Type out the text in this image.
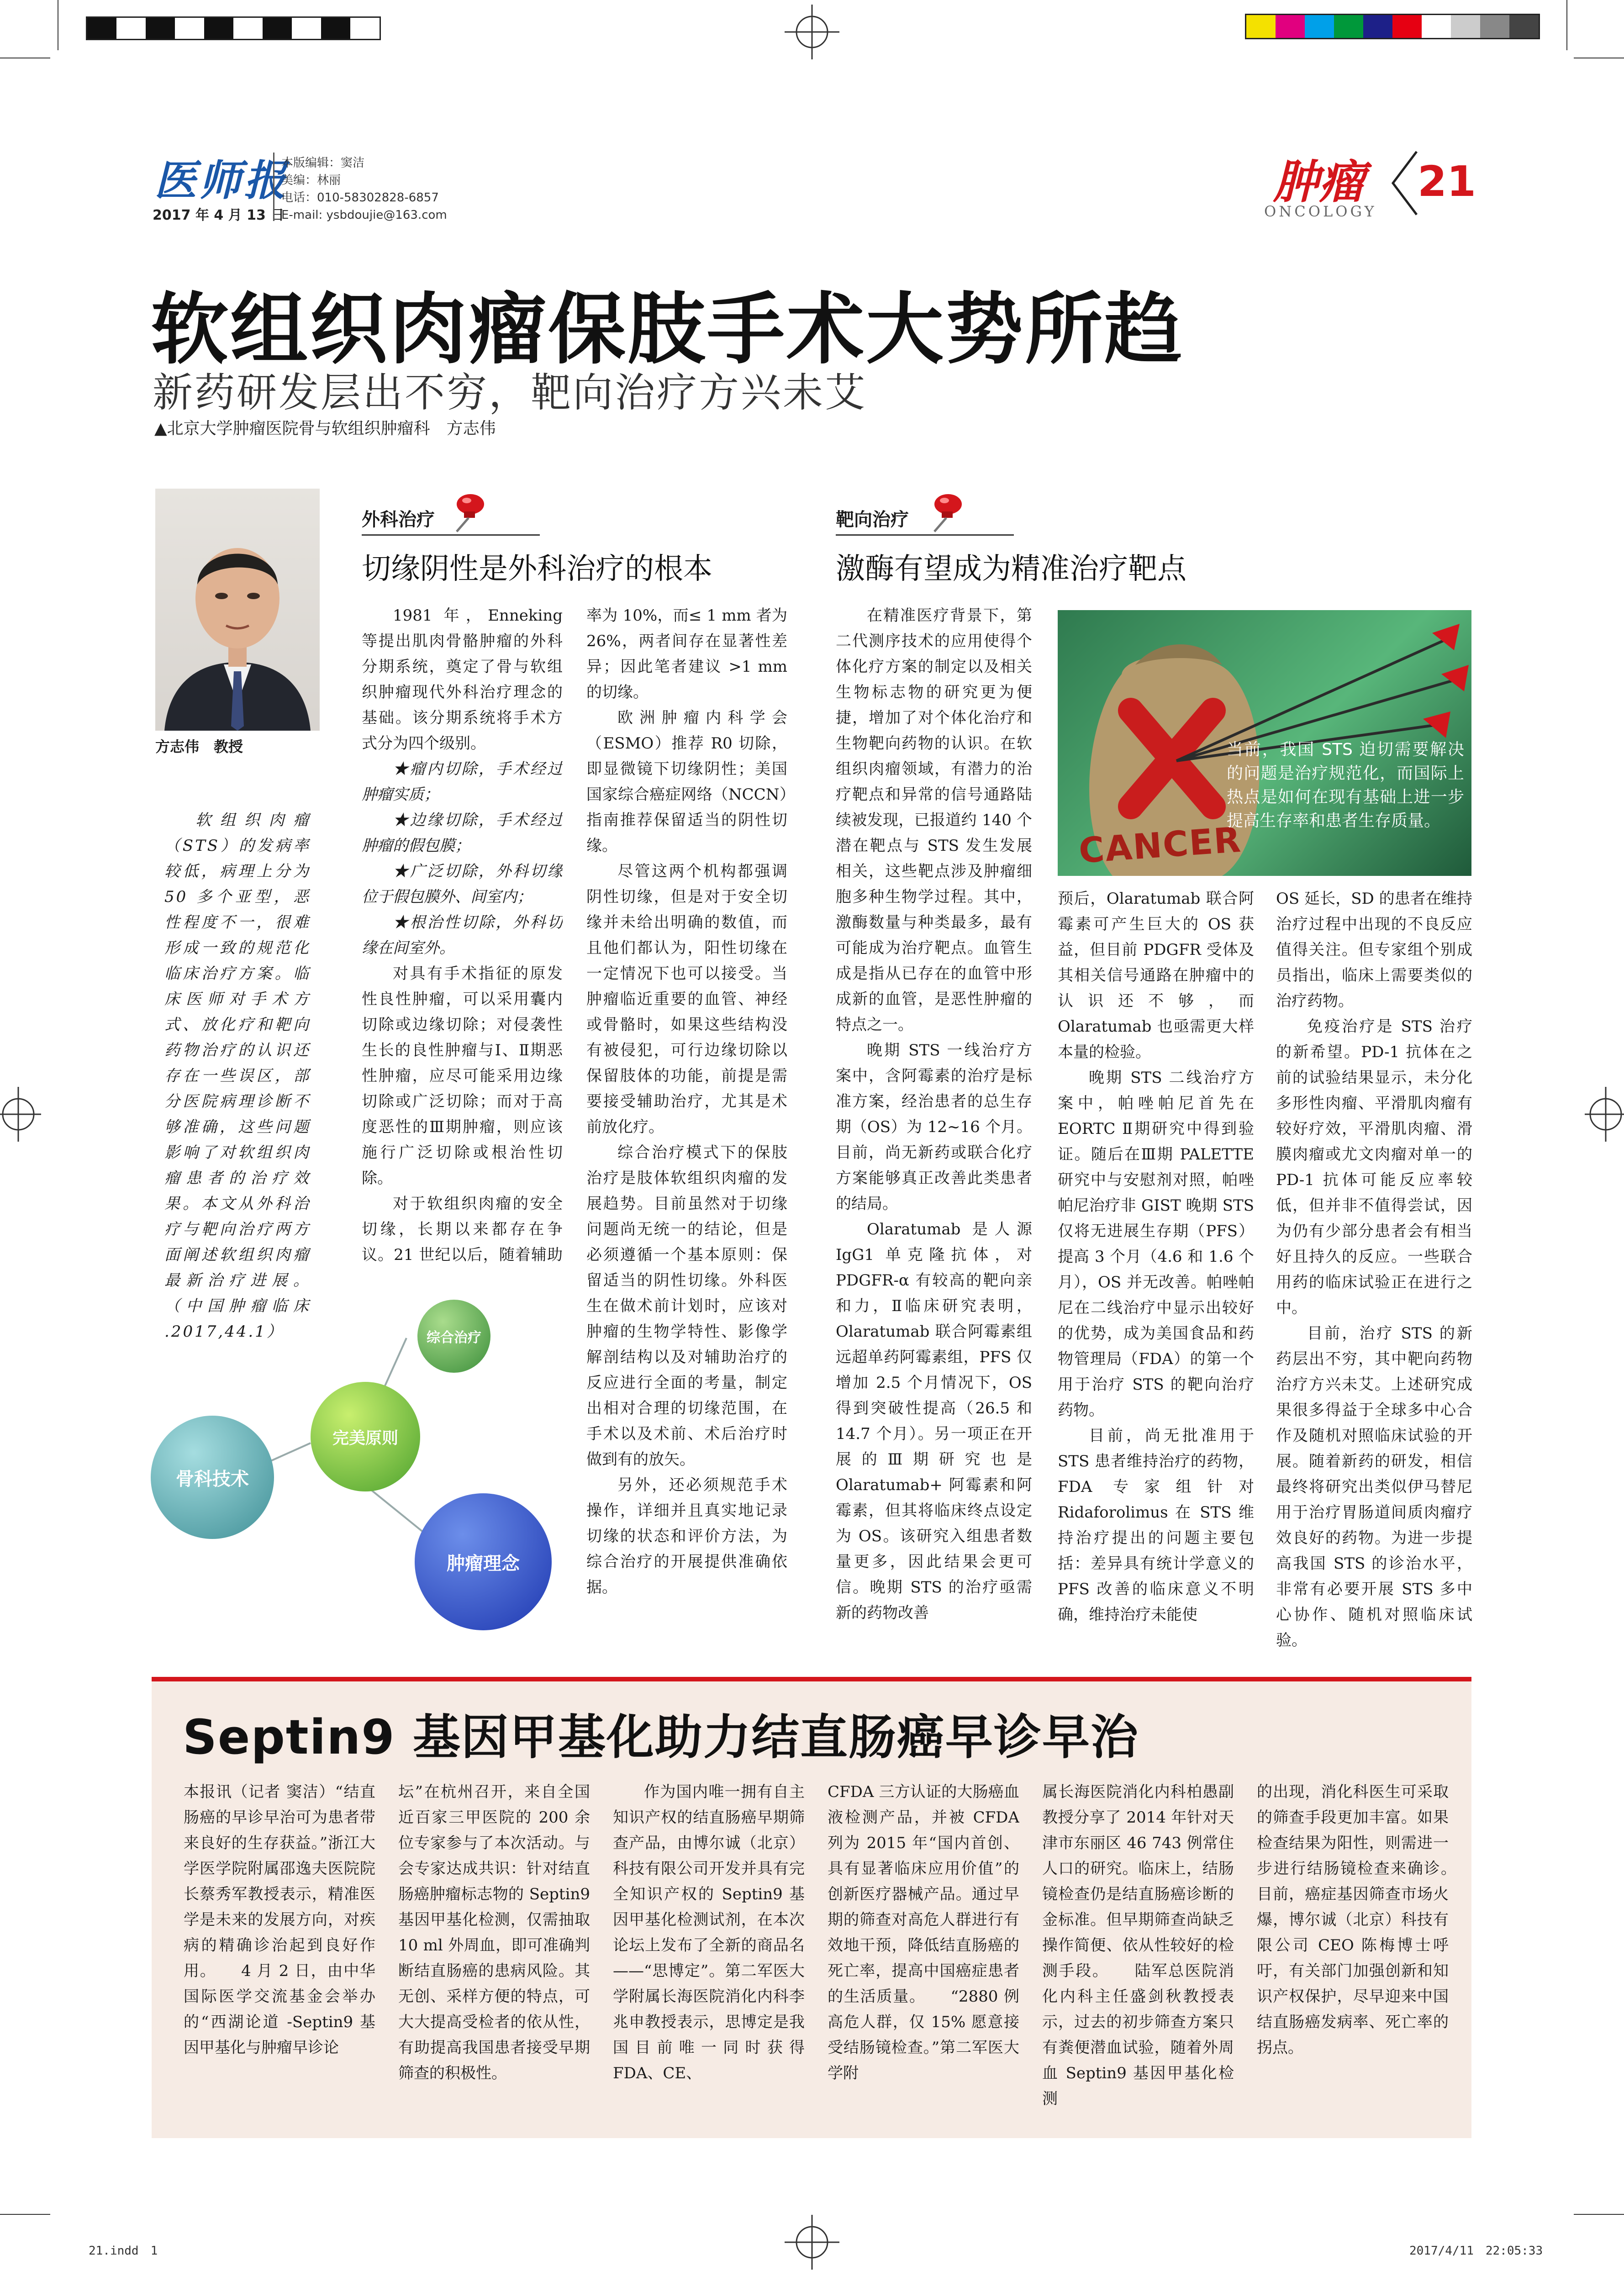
医师报
2017 年 4 月 13 日
本版编辑：窦洁
美编：林丽
电话：010-58302828-6857
E-mail: ysbdoujie@163.com
肿瘤
ONCOLOGY
21
软组织肉瘤保肢手术大势所趋
新药研发层出不穷，靶向治疗方兴未艾
▲北京大学肿瘤医院骨与软组织肿瘤科　方志伟
方志伟　教授

软组织肉瘤（STS）的发病率较低，病理上分为 50 多个亚型，恶性程度不一，很难形成一致的规范化临床治疗方案。临床医师对手术方式、放化疗和靶向药物治疗的认识还存在一些误区，部分医院病理诊断不够准确，这些问题影响了对软组织肉瘤患者的治疗效果。本文从外科治疗与靶向治疗两方面阐述软组织肉瘤最新治疗进展。（中国肿瘤临床 .2017,44.1）

外科治疗
切缘阴性是外科治疗的根本

1981 年，Enneking 等提出肌肉骨骼肿瘤的外科分期系统，奠定了骨与软组织肿瘤现代外科治疗理念的基础。该分期系统将手术方式分为四个级别。

★瘤内切除，手术经过肿瘤实质；

★边缘切除，手术经过肿瘤的假包膜；

★广泛切除，外科切缘位于假包膜外、间室内；

★根治性切除，外科切缘在间室外。

对具有手术指征的原发性良性肿瘤，可以采用囊内切除或边缘切除；对侵袭性生长的良性肿瘤与Ⅰ、Ⅱ期恶性肿瘤，应尽可能采用边缘切除或广泛切除；而对于高度恶性的Ⅲ期肿瘤，则应该施行广泛切除或根治性切除。

对于软组织肉瘤的安全切缘，长期以来都存在争议。21 世纪以后，随着辅助

率为 10%，而≤ 1 mm 者为 26%，两者间存在显著性差异；因此笔者建议 >1 mm 的切缘。

欧洲肿瘤内科学会（ESMO）推荐 R0 切除，即显微镜下切缘阴性；美国国家综合癌症网络（NCCN）指南推荐保留适当的阴性切缘。

尽管这两个机构都强调阴性切缘，但是对于安全切缘并未给出明确的数值，而且他们都认为，阳性切缘在一定情况下也可以接受。当肿瘤临近重要的血管、神经或骨骼时，如果这些结构没有被侵犯，可行边缘切除以保留肢体的功能，前提是需要接受辅助治疗，尤其是术前放化疗。

综合治疗模式下的保肢治疗是肢体软组织肉瘤的发展趋势。目前虽然对于切缘问题尚无统一的结论，但是必须遵循一个基本原则：保留适当的阴性切缘。外科医生在做术前计划时，应该对肿瘤的生物学特性、影像学解剖结构以及对辅助治疗的反应进行全面的考量，制定出相对合理的切缘范围，在手术以及术前、术后治疗时做到有的放矢。

另外，还必须规范手术操作，详细并且真实地记录切缘的状态和评价方法，为综合治疗的开展提供准确依据。

综合治疗
完美原则
骨科技术
肿瘤理念
靶向治疗
激酶有望成为精准治疗靶点

在精准医疗背景下，第二代测序技术的应用使得个体化疗方案的制定以及相关生物标志物的研究更为便捷，增加了对个体化治疗和生物靶向药物的认识。在软组织肉瘤领域，有潜力的治疗靶点和异常的信号通路陆续被发现，已报道约 140 个潜在靶点与 STS 发生发展相关，这些靶点涉及肿瘤细胞多种生物学过程。其中，激酶数量与种类最多，最有可能成为治疗靶点。血管生成是指从已存在的血管中形成新的血管，是恶性肿瘤的特点之一。

晚期 STS 一线治疗方案中，含阿霉素的治疗是标准方案，经治患者的总生存期（OS）为 12~16 个月。目前，尚无新药或联合化疗方案能够真正改善此类患者的结局。

Olaratumab 是人源 IgG1 单克隆抗体，对 PDGFR-α 有较高的靶向亲和力，Ⅱ临床研究表明，Olaratumab 联合阿霉素组远超单药阿霉素组，PFS 仅增加 2.5 个月情况下，OS 得到突破性提高（26.5 和 14.7 个月）。另一项正在开展的Ⅲ期研究也是 Olaratumab+ 阿霉素和阿霉素，但其将临床终点设定为 OS。该研究入组患者数量更多，因此结果会更可信。晚期 STS 的治疗亟需新的药物改善

CANCER
当前，我国 STS 迫切需要解决的问题是治疗规范化，而国际上热点是如何在现有基础上进一步提高生存率和患者生存质量。

预后，Olaratumab 联合阿霉素可产生巨大的 OS 获益，但目前 PDGFR 受体及其相关信号通路在肿瘤中的认识还不够，而 Olaratumab 也亟需更大样本量的检验。

晚期 STS 二线治疗方案中，帕唑帕尼首先在 EORTC Ⅱ期研究中得到验证。随后在Ⅲ期 PALETTE 研究中与安慰剂对照，帕唑帕尼治疗非 GIST 晚期 STS 仅将无进展生存期（PFS）提高 3 个月（4.6 和 1.6 个月），OS 并无改善。帕唑帕尼在二线治疗中显示出较好的优势，成为美国食品和药物管理局（FDA）的第一个用于治疗 STS 的靶向治疗药物。

目前，尚无批准用于 STS 患者维持治疗的药物，FDA 专家组针对 Ridaforolimus 在 STS 维持治疗提出的问题主要包括：差异具有统计学意义的 PFS 改善的临床意义不明确，维持治疗未能使

OS 延长，SD 的患者在维持治疗过程中出现的不良反应值得关注。但专家组个别成员指出，临床上需要类似的治疗药物。

免疫治疗是 STS 治疗的新希望。PD-1 抗体在之前的试验结果显示，未分化多形性肉瘤、平滑肌肉瘤有较好疗效，平滑肌肉瘤、滑膜肉瘤或尤文肉瘤对单一的 PD-1 抗体可能反应率较低，但并非不值得尝试，因为仍有少部分患者会有相当好且持久的反应。一些联合用药的临床试验正在进行之中。

目前，治疗 STS 的新药层出不穷，其中靶向药物治疗方兴未艾。上述研究成果很多得益于全球多中心合作及随机对照临床试验的开展。随着新药的研发，相信最终将研究出类似伊马替尼用于治疗胃肠道间质肉瘤疗效良好的药物。为进一步提高我国 STS 的诊治水平，非常有必要开展 STS 多中心协作、随机对照临床试验。

Septin9 基因甲基化助力结直肠癌早诊早治

本报讯（记者 窦洁）“结直肠癌的早诊早治可为患者带来良好的生存获益。”浙江大学医学院附属邵逸夫医院院长蔡秀军教授表示，精准医学是未来的发展方向，对疾病的精确诊治起到良好作用。　　4 月 2 日，由中华国际医学交流基金会举办的“西湖论道 -Septin9 基因甲基化与肿瘤早诊论

坛”在杭州召开，来自全国近百家三甲医院的 200 余位专家参与了本次活动。与会专家达成共识：针对结直肠癌肿瘤标志物的 Septin9 基因甲基化检测，仅需抽取 10 ml 外周血，即可准确判断结直肠癌的患病风险。其无创、采样方便的特点，可大大提高受检者的依从性，有助提高我国患者接受早期筛查的积极性。

作为国内唯一拥有自主知识产权的结直肠癌早期筛查产品，由博尔诚（北京）科技有限公司开发并具有完全知识产权的 Septin9 基因甲基化检测试剂，在本次论坛上发布了全新的商品名——“思博定”。第二军医大学附属长海医院消化内科李兆申教授表示，思博定是我国目前唯一同时获得 FDA、CE、

CFDA 三方认证的大肠癌血液检测产品，并被 CFDA 列为 2015 年“国内首创、具有显著临床应用价值”的创新医疗器械产品。通过早期的筛查对高危人群进行有效地干预，降低结直肠癌的死亡率，提高中国癌症患者的生活质量。　　“2880 例高危人群，仅 15% 愿意接受结肠镜检查。”第二军医大学附

属长海医院消化内科柏愚副教授分享了 2014 年针对天津市东丽区 46 743 例常住人口的研究。临床上，结肠镜检查仍是结直肠癌诊断的金标准。但早期筛查尚缺乏操作简便、依从性较好的检测手段。　　陆军总医院消化内科主任盛剑秋教授表示，过去的初步筛查方案只有粪便潜血试验，随着外周血 Septin9 基因甲基化检测

的出现，消化科医生可采取的筛查手段更加丰富。如果检查结果为阳性，则需进一步进行结肠镜检查来确诊。　　目前，癌症基因筛查市场火爆，博尔诚（北京）科技有限公司 CEO 陈梅博士呼吁，有关部门加强创新和知识产权保护，尽早迎来中国结直肠癌发病率、死亡率的拐点。

21.indd　1	2017/4/11　22:05:33
